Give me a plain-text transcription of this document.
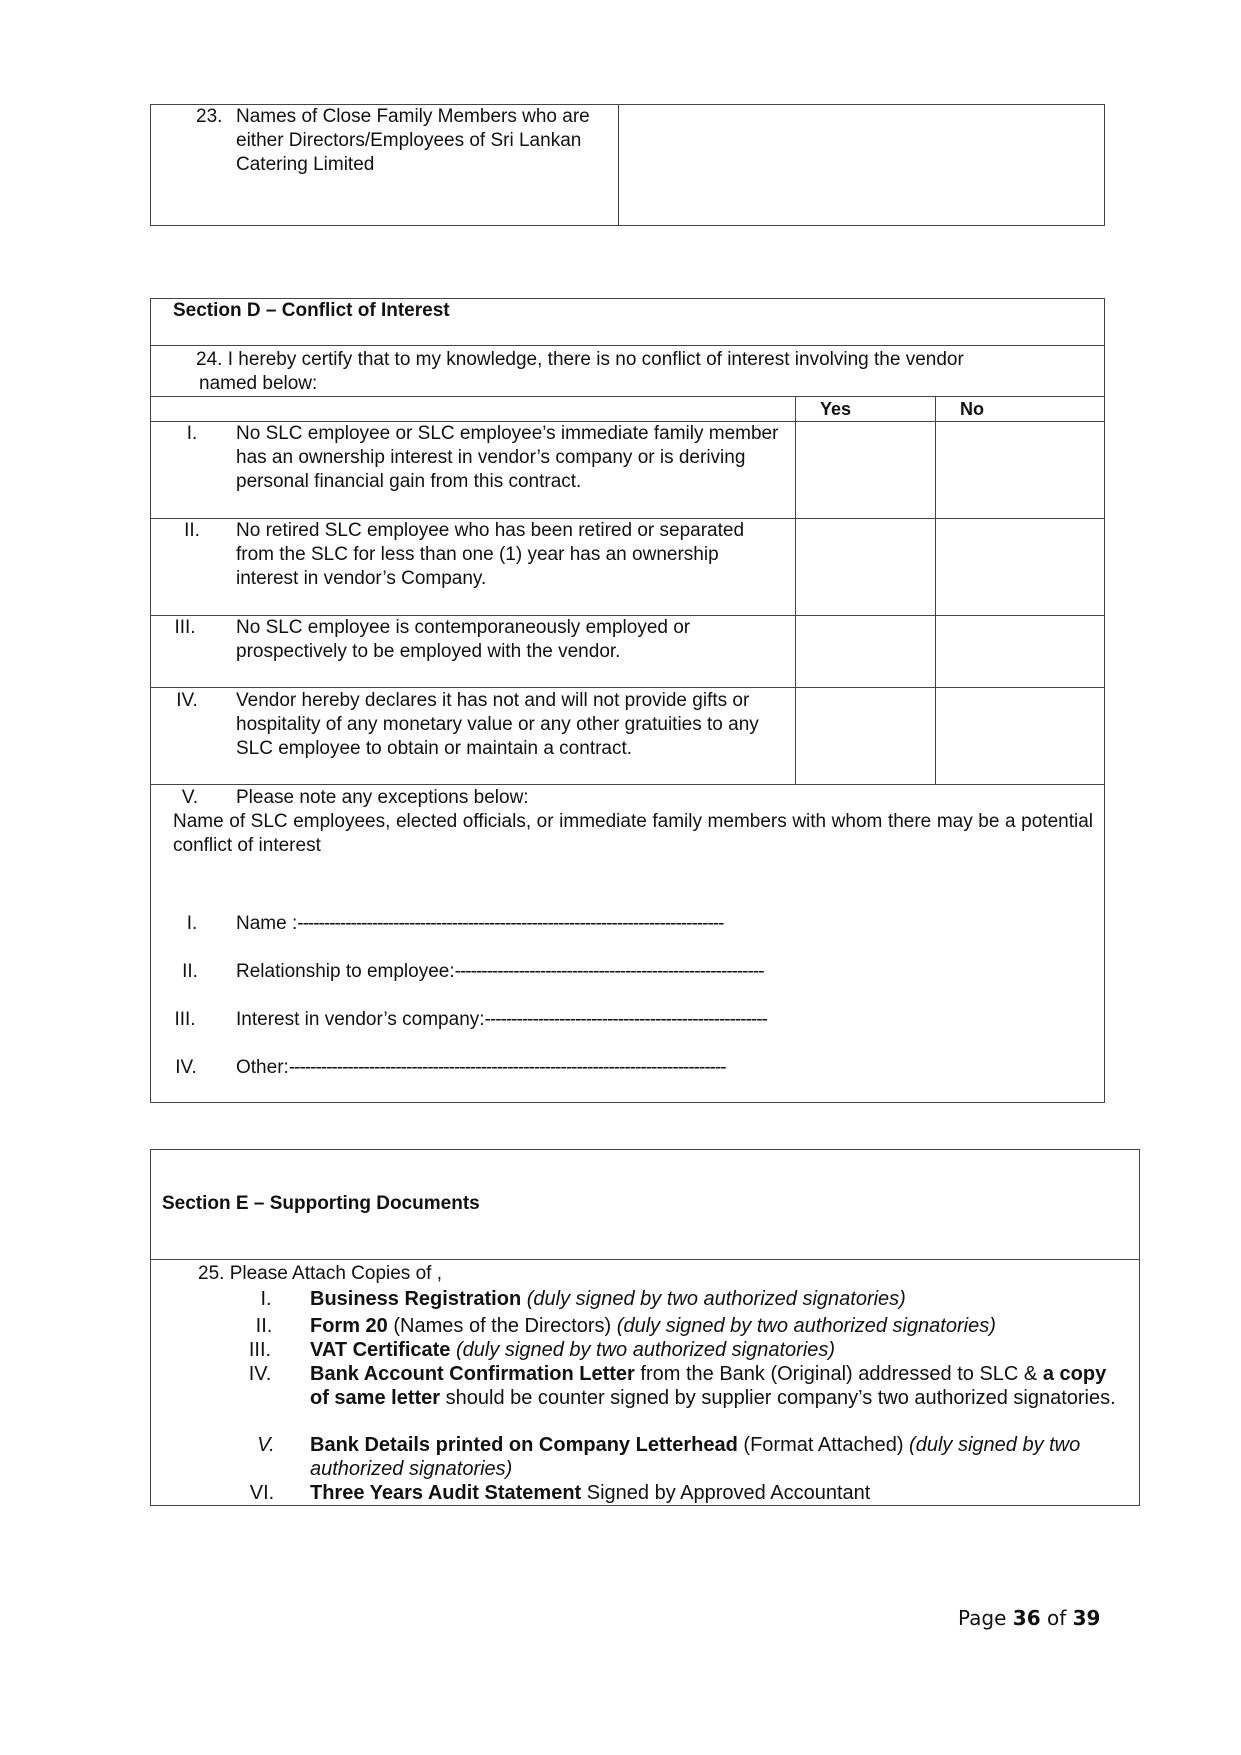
23. Names of Close Family Members who are either Directors/Employees of Sri Lankan Catering Limited
Section D – Conflict of Interest
24. I hereby certify that to my knowledge, there is no conflict of interest involving the vendor named below:
Yes	No
I.	No SLC employee or SLC employee’s immediate family member has an ownership interest in vendor’s company or is deriving personal financial gain from this contract.
II.	No retired SLC employee who has been retired or separated from the SLC for less than one (1) year has an ownership interest in vendor’s Company.
III.	No SLC employee is contemporaneously employed or prospectively to be employed with the vendor.
IV.	Vendor hereby declares it has not and will not provide gifts or hospitality of any monetary value or any other gratuities to any SLC employee to obtain or maintain a contract.
V.	Please note any exceptions below:
Name of SLC employees, elected officials, or immediate family members with whom there may be a potential conflict of interest
I.	Name :--------------------------------------------------------------------------------
II.	Relationship to employee:----------------------------------------------------------
III.	Interest in vendor’s company:-----------------------------------------------------
IV.	Other:----------------------------------------------------------------------------------
Section E – Supporting Documents
25. Please Attach Copies of ,
I.	Business Registration (duly signed by two authorized signatories)
II.	Form 20 (Names of the Directors) (duly signed by two authorized signatories)
III.	VAT Certificate (duly signed by two authorized signatories)
IV.	Bank Account Confirmation Letter from the Bank (Original) addressed to SLC & a copy of same letter should be counter signed by supplier company’s two authorized signatories.
V.	Bank Details printed on Company Letterhead (Format Attached) (duly signed by two authorized signatories)
VI.	Three Years Audit Statement Signed by Approved Accountant
Page 36 of 39
